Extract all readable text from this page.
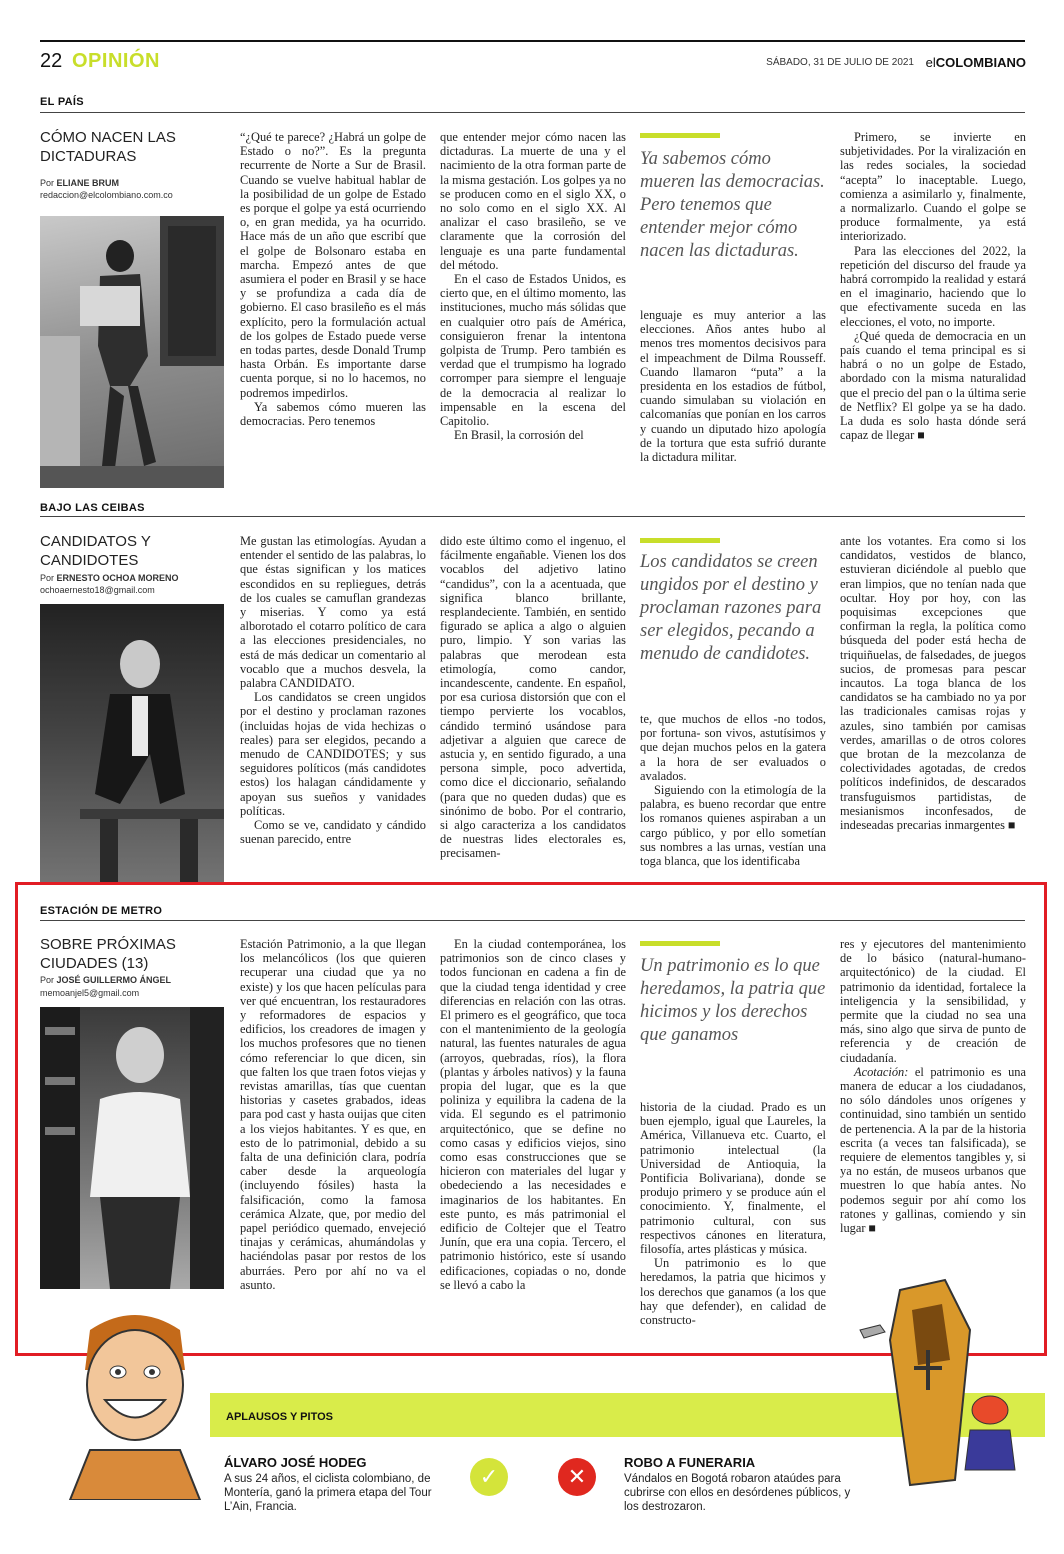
22 OPINIÓN	SÁBADO, 31 DE JULIO DE 2021 elCOLOMBIANO
EL PAÍS
CÓMO NACEN LAS DICTADURAS
Por ELIANE BRUM
redaccion@elcolombiano.com.co

“¿Qué te parece? ¿Habrá un golpe de Estado o no?”. Es la pregunta recurrente de Norte a Sur de Brasil. Cuando se vuelve habitual hablar de la posibilidad de un golpe de Estado es porque el golpe ya está ocurriendo o, en gran medida, ya ha ocurrido. Hace más de un año que escribí que el golpe de Bolsonaro estaba en marcha. Empezó antes de que asumiera el poder en Brasil y se hace y se profundiza a cada día de gobierno. El caso brasileño es el más explícito, pero la formulación actual de los golpes de Estado puede verse en todas partes, desde Donald Trump hasta Orbán. Es importante darse cuenta porque, si no lo hacemos, no podremos impedirlos.

Ya sabemos cómo mueren las democracias. Pero tenemos

que entender mejor cómo nacen las dictaduras. La muerte de una y el nacimiento de la otra forman parte de la misma gestación. Los golpes ya no se producen como en el siglo XX, o no solo como en el siglo XX. Al analizar el caso brasileño, se ve claramente que la corrosión del lenguaje es una parte fundamental del método.

En el caso de Estados Unidos, es cierto que, en el último momento, las instituciones, mucho más sólidas que en cualquier otro país de América, consiguieron frenar la intentona golpista de Trump. Pero también es verdad que el trumpismo ha logrado corromper para siempre el lenguaje de la democracia al realizar lo impensable en la escena del Capitolio.

En Brasil, la corrosión del

Ya sabemos cómo mueren las democracias. Pero tenemos que entender mejor cómo nacen las dictaduras.

lenguaje es muy anterior a las elecciones. Años antes hubo al menos tres momentos decisivos para el impeachment de Dilma Rousseff. Cuando llamaron “puta” a la presidenta en los estadios de fútbol, cuando simulaban su violación en calcomanías que ponían en los carros y cuando un diputado hizo apología de la tortura que esta sufrió durante la dictadura militar.

Primero, se invierte en subjetividades. Por la viralización en las redes sociales, la sociedad “acepta” lo inaceptable. Luego, comienza a asimilarlo y, finalmente, a normalizarlo. Cuando el golpe se produce formalmente, ya está interiorizado.

Para las elecciones del 2022, la repetición del discurso del fraude ya habrá corrompido la realidad y estará en el imaginario, haciendo que lo que efectivamente suceda en las elecciones, el voto, no importe.

¿Qué queda de democracia en un país cuando el tema principal es si habrá o no un golpe de Estado, abordado con la misma naturalidad que el precio del pan o la última serie de Netflix? El golpe ya se ha dado. La duda es solo hasta dónde será capaz de llegar ■

BAJO LAS CEIBAS
CANDIDATOS Y CANDIDOTES
Por ERNESTO OCHOA MORENO
ochoaernesto18@gmail.com

Me gustan las etimologías. Ayudan a entender el sentido de las palabras, lo que éstas significan y los matices escondidos en su repliegues, detrás de los cuales se camuflan grandezas y miserias. Y como ya está alborotado el cotarro político de cara a las elecciones presidenciales, no está de más dedicar un comentario al vocablo que a muchos desvela, la palabra CANDIDATO.

Los candidatos se creen ungidos por el destino y proclaman razones (incluidas hojas de vida hechizas o reales) para ser elegidos, pecando a menudo de CANDIDOTES; y sus seguidores políticos (más candidotes estos) los halagan cándidamente y apoyan sus sueños y vanidades políticas.

Como se ve, candidato y cándido suenan parecido, entre

dido este último como el ingenuo, el fácilmente engañable. Vienen los dos vocablos del adjetivo latino “candidus”, con la a acentuada, que significa blanco brillante, resplandeciente. También, en sentido figurado se aplica a algo o alguien puro, limpio. Y son varias las palabras que merodean esta etimología, como candor, incandescente, candente. En español, por esa curiosa distorsión que con el tiempo pervierte los vocablos, cándido terminó usándose para adjetivar a alguien que carece de astucia y, en sentido figurado, a una persona simple, poco advertida, como dice el diccionario, señalando (para que no queden dudas) que es sinónimo de bobo. Por el contrario, si algo caracteriza a los candidatos de nuestras lides electorales es, precisamen-

Los candidatos se creen ungidos por el destino y proclaman razones para ser elegidos, pecando a menudo de candidotes.

te, que muchos de ellos -no todos, por fortuna- son vivos, astutísimos y que dejan muchos pelos en la gatera a la hora de ser evaluados o avalados.

Siguiendo con la etimología de la palabra, es bueno recordar que entre los romanos quienes aspiraban a un cargo público, y por ello sometían sus nombres a las urnas, vestían una toga blanca, que los identificaba

ante los votantes. Era como si los candidatos, vestidos de blanco, estuvieran diciéndole al pueblo que eran limpios, que no tenían nada que ocultar. Hoy por hoy, con las poquisimas excepciones que confirman la regla, la política como búsqueda del poder está hecha de triquiñuelas, de falsedades, de juegos sucios, de promesas para pescar incautos. La toga blanca de los candidatos se ha cambiado no ya por las tradicionales camisas rojas y azules, sino también por camisas verdes, amarillas o de otros colores que brotan de la mezcolanza de colectividades agotadas, de credos políticos indefinidos, de descarados transfuguismos partidistas, de mesianismos inconfesados, de indeseadas precarias inmargentes ■

ESTACIÓN DE METRO
SOBRE PRÓXIMAS CIUDADES (13)
Por JOSÉ GUILLERMO ÁNGEL
memoanjel5@gmail.com

Estación Patrimonio, a la que llegan los melancólicos (los que quieren recuperar una ciudad que ya no existe) y los que hacen películas para ver qué encuentran, los restauradores y reformadores de espacios y edificios, los creadores de imagen y los muchos profesores que no tienen cómo referenciar lo que dicen, sin que falten los que traen fotos viejas y revistas amarillas, tías que cuentan historias y casetes grabados, ideas para pod cast y hasta ouijas que citen a los viejos habitantes. Y es que, en esto de lo patrimonial, debido a su falta de una definición clara, podría caber desde la arqueología (incluyendo fósiles) hasta la falsificación, como la famosa cerámica Alzate, que, por medio del papel periódico quemado, envejeció tinajas y cerámicas, ahumándolas y haciéndolas pasar por restos de los aburráes. Pero por ahí no va el asunto.

En la ciudad contemporánea, los patrimonios son de cinco clases y todos funcionan en cadena a fin de que la ciudad tenga identidad y cree diferencias en relación con las otras. El primero es el geográfico, que toca con el mantenimiento de la geología natural, las fuentes naturales de agua (arroyos, quebradas, ríos), la flora (plantas y árboles nativos) y la fauna propia del lugar, que es la que poliniza y equilibra la cadena de la vida. El segundo es el patrimonio arquitectónico, que se define no como casas y edificios viejos, sino como esas construcciones que se hicieron con materiales del lugar y obedeciendo a las necesidades e imaginarios de los habitantes. En este punto, es más patrimonial el edificio de Coltejer que el Teatro Junín, que era una copia. Tercero, el patrimonio histórico, este sí usando edificaciones, copiadas o no, donde se llevó a cabo la

Un patrimonio es lo que heredamos, la patria que hicimos y los derechos que ganamos

historia de la ciudad. Prado es un buen ejemplo, igual que Laureles, la América, Villanueva etc. Cuarto, el patrimonio intelectual (la Universidad de Antioquia, la Pontificia Bolivariana), donde se produjo primero y se produce aún el conocimiento. Y, finalmente, el patrimonio cultural, con sus respectivos cánones en literatura, filosofía, artes plásticas y música.

Un patrimonio es lo que heredamos, la patria que hicimos y los derechos que ganamos (a los que hay que defender), en calidad de constructo-

res y ejecutores del mantenimiento de lo básico (natural-humano-arquitectónico) de la ciudad. El patrimonio da identidad, fortalece la inteligencia y la sensibilidad, y permite que la ciudad no sea una más, sino algo que sirva de punto de referencia y de creación de ciudadanía.

Acotación: el patrimonio es una manera de educar a los ciudadanos, no sólo dándoles unos orígenes y continuidad, sino también un sentido de pertenencia. A la par de la historia escrita (a veces tan falsificada), se requiere de elementos tangibles y, si ya no están, de museos urbanos que muestren lo que había antes. No podemos seguir por ahí como los ratones y gallinas, comiendo y sin lugar ■

APLAUSOS Y PITOS
ÁLVARO JOSÉ HODEG
A sus 24 años, el ciclista colombiano, de Montería, ganó la primera etapa del Tour L’Ain, Francia.
✓	✕
ROBO A FUNERARIA
Vándalos en Bogotá robaron ataúdes para cubrirse con ellos en desórdenes públicos, y los destrozaron.
